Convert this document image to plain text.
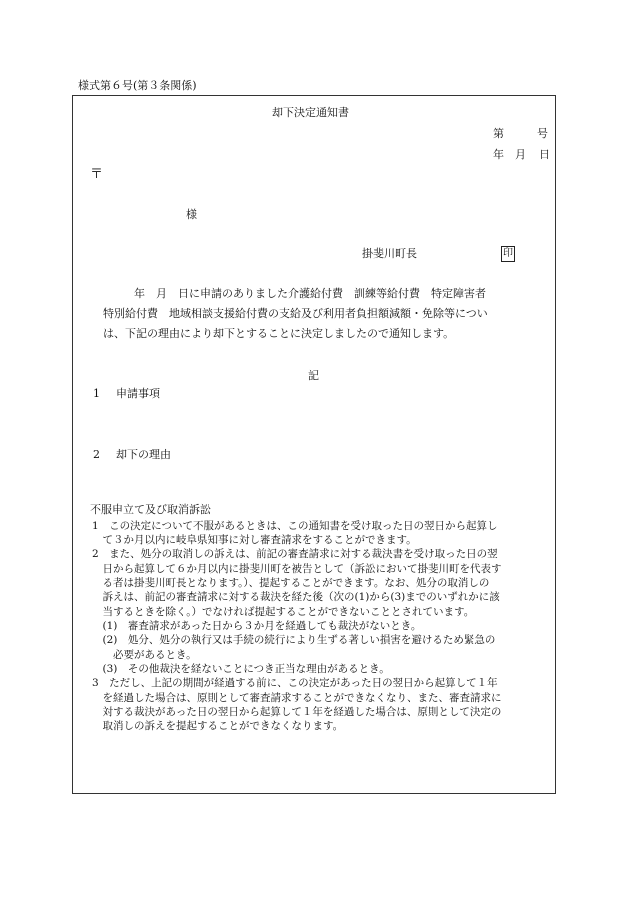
様式第６号(第３条関係)
却下決定通知書
第	号
年 月 日
〒
様
掛斐川町長	印
年　月　日に申請のありました介護給付費　訓練等給付費　特定障害者
特別給付費　地域相談支援給付費の支給及び利用者負担額減額・免除等につい
は、下記の理由により却下とすることに決定しましたので通知します。
記
1 申請事項
2 却下の理由
不服申立て及び取消訴訟
1　この決定について不服があるときは、この通知書を受け取った日の翌日から起算し
　て３か月以内に岐阜県知事に対し審査請求をすることができます。
2　また、処分の取消しの訴えは、前記の審査請求に対する裁決書を受け取った日の翌
　日から起算して６か月以内に掛斐川町を被告として（訴訟において掛斐川町を代表す
　る者は掛斐川町長となります。）、提起することができます。なお、処分の取消しの
　訴えは、前記の審査請求に対する裁決を経た後（次の(1)から(3)までのいずれかに該
　当するときを除く。）でなければ提起することができないこととされています。
　(1)　審査請求があった日から３か月を経過しても裁決がないとき。
　(2)　処分、処分の執行又は手続の続行により生ずる著しい損害を避けるため緊急の
　　必要があるとき。
　(3)　その他裁決を経ないことにつき正当な理由があるとき。
3　ただし、上記の期間が経過する前に、この決定があった日の翌日から起算して１年
　を経過した場合は、原則として審査請求することができなくなり、また、審査請求に
　対する裁決があった日の翌日から起算して１年を経過した場合は、原則として決定の
　取消しの訴えを提起することができなくなります。
